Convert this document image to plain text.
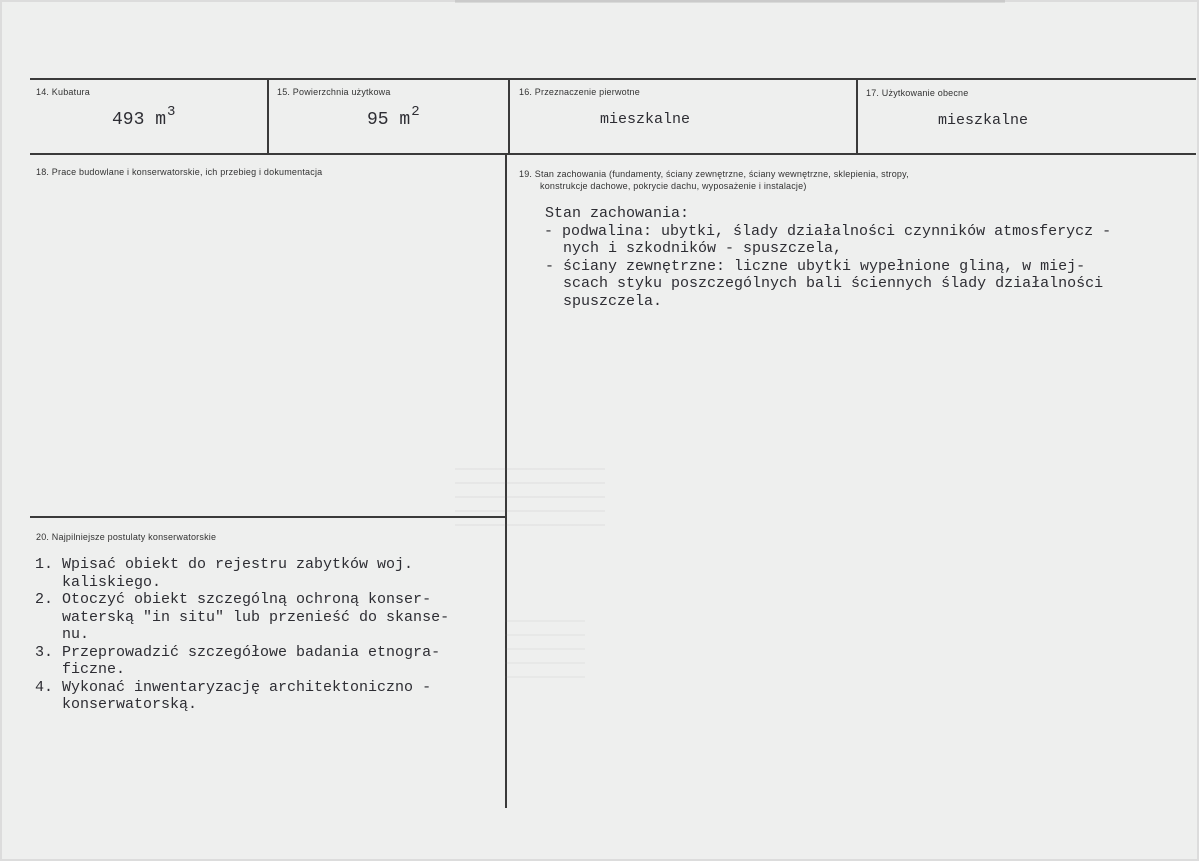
14. Kubatura
493 $m^3$
15. Powierzchnia użytkowa
95 $m^2$
16. Przeznaczenie pierwotne
mieszkalne
17. Użytkowanie obecne
mieszkalne
18. Prace budowlane i konserwatorskie, ich przebieg i dokumentacja	19. Stan zachowania (fundamenty, ściany zewnętrzne, ściany wewnętrzne, sklepienia, stropy,
konstrukcje dachowe, pokrycie dachu, wyposażenie i instalacje)
Stan zachowania:
- podwalina: ubytki, ślady działalności czynników atmosferycz -
nych i szkodników - spuszczela,
- ściany zewnętrzne: liczne ubytki wypełnione gliną, w miej-
scach styku poszczególnych bali ściennych ślady działalności
spuszczela.
20. Najpilniejsze postulaty konserwatorskie
1. Wpisać obiekt do rejestru zabytków woj.
kaliskiego.
2. Otoczyć obiekt szczególną ochroną konser-
waterską "in situ" lub przenieść do skanse-
nu.
3. Przeprowadzić szczegółowe badania etnogra-
ficzne.
4. Wykonać inwentaryzację architektoniczno -
konserwatorską.
